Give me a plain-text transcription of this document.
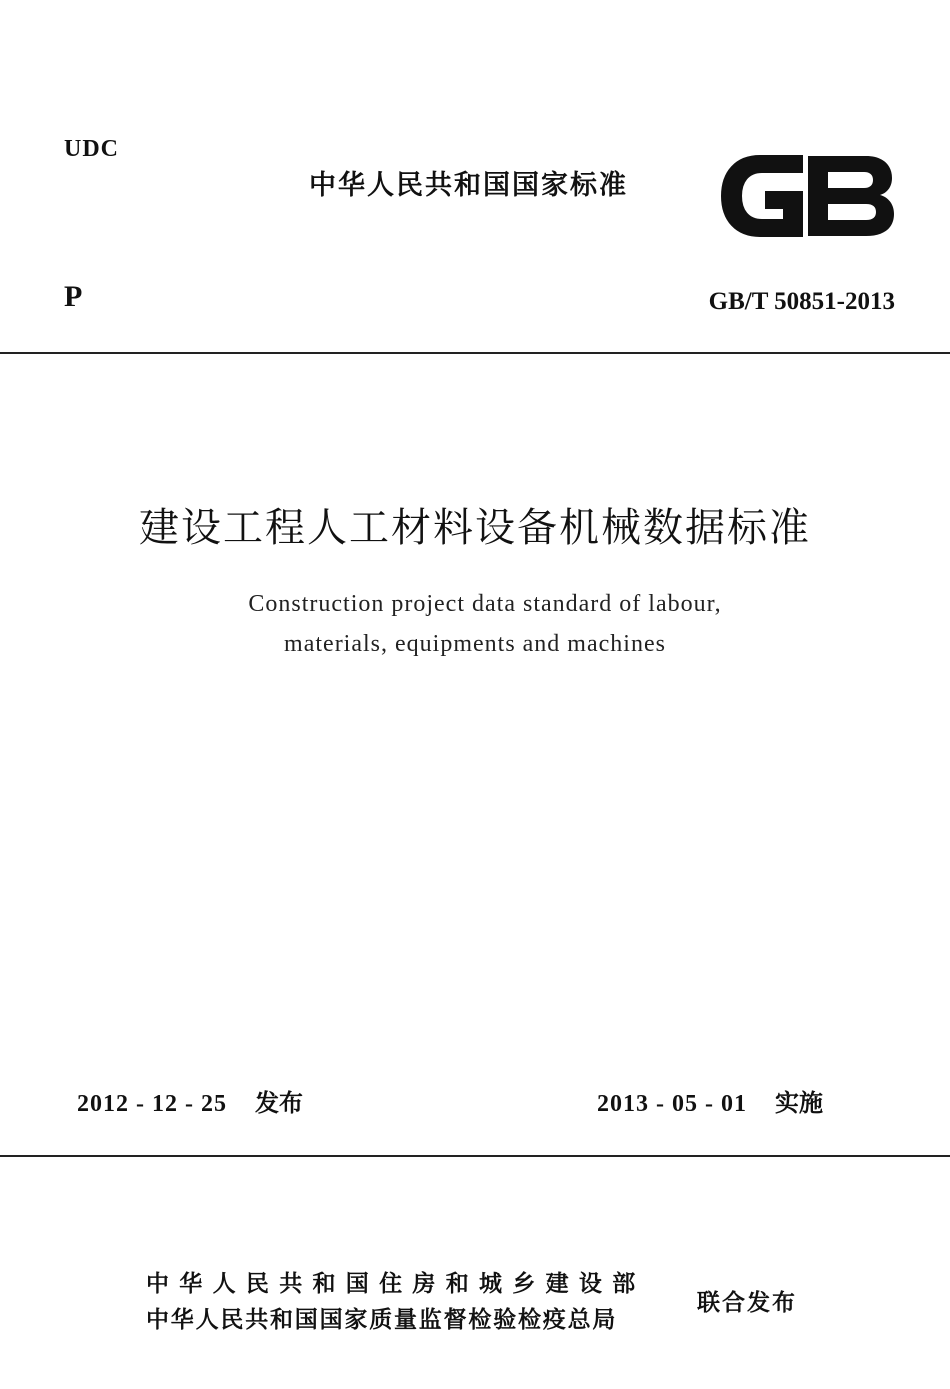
UDC
中华人民共和国国家标准
P	GB/T 50851-2013
建设工程人工材料设备机械数据标准
Construction project data standard of labour,
materials, equipments and machines
2012 - 12 - 25 发布	2013 - 05 - 01 实施
中华人民共和国住房和城乡建设部
中华人民共和国国家质量监督检验检疫总局
联合发布
